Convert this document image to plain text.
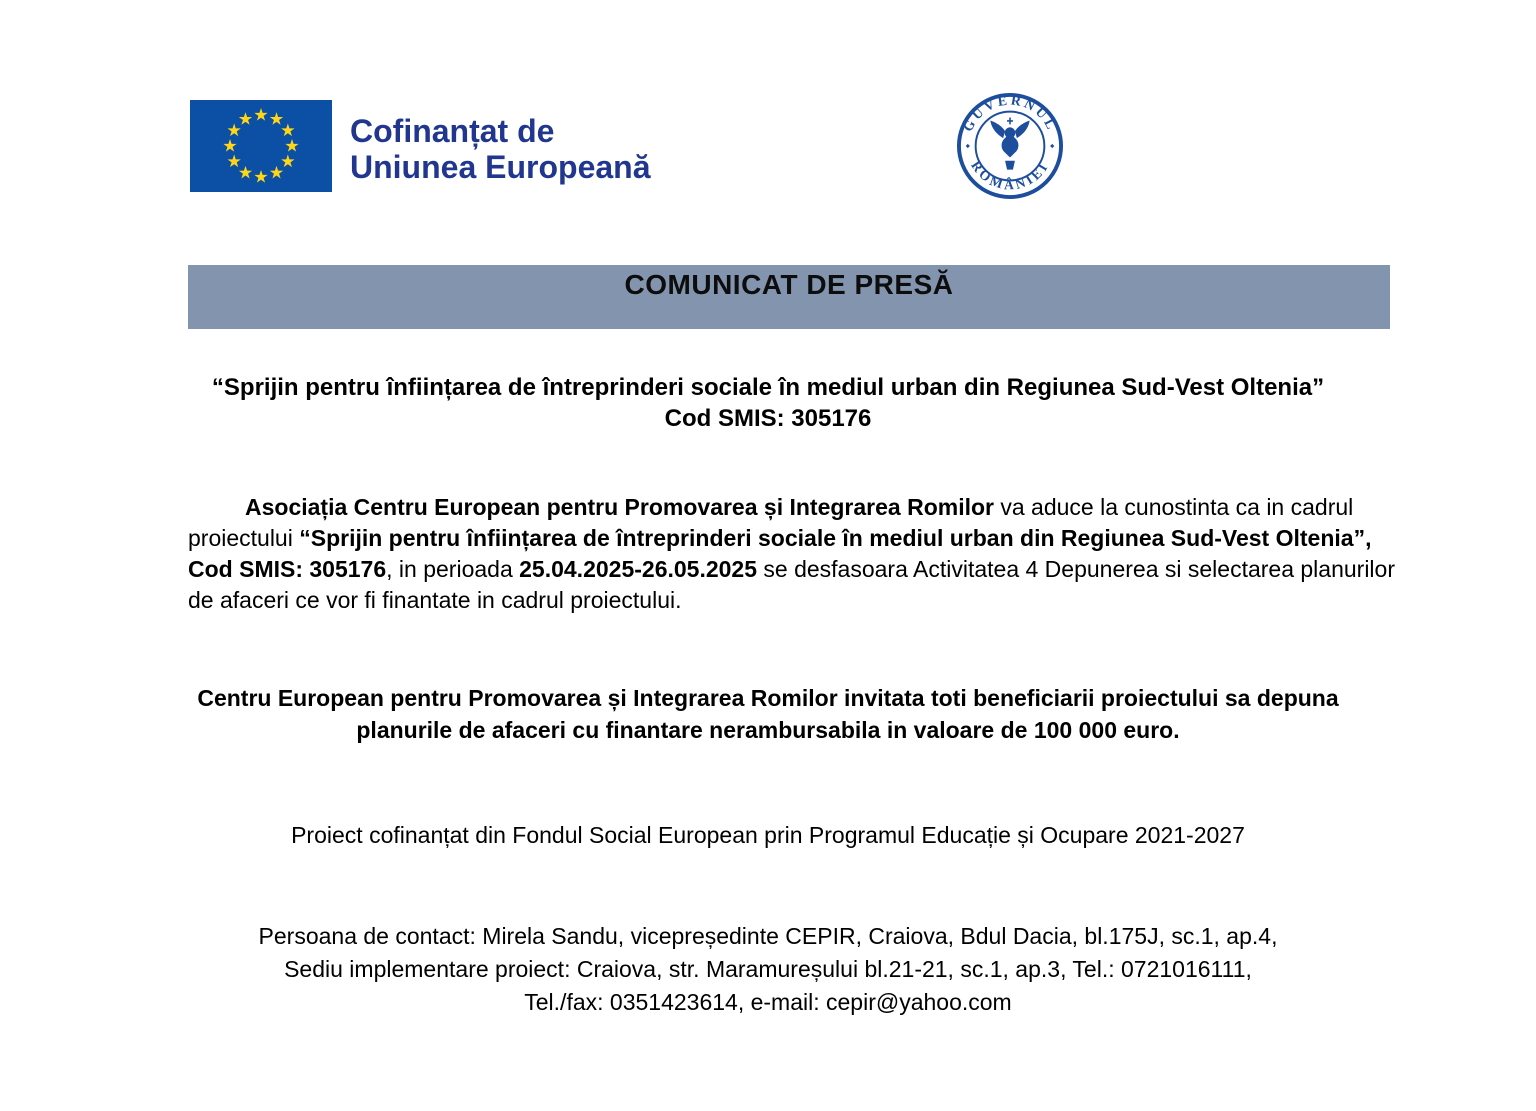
Cofinanțat de
Uniunea Europeană
GUVERNUL
ROMÂNIEI
COMUNICAT DE PRESĂ
“Sprijin pentru înființarea de întreprinderi sociale în mediul urban din Regiunea Sud-Vest Oltenia”
Cod SMIS: 305176
Asociația Centru European pentru Promovarea și Integrarea Romilor va aduce la cunostinta ca in cadrul proiectului “Sprijin pentru înființarea de întreprinderi sociale în mediul urban din Regiunea Sud-Vest Oltenia”, Cod SMIS: 305176, in perioada 25.04.2025-26.05.2025 se desfasoara Activitatea 4 Depunerea si selectarea planurilor de afaceri ce vor fi finantate in cadrul proiectului.
Centru European pentru Promovarea și Integrarea Romilor invitata toti beneficiarii proiectului sa depuna planurile de afaceri cu finantare nerambursabila in valoare de 100 000 euro.
Proiect cofinanțat din Fondul Social European prin Programul Educație și Ocupare 2021-2027
Persoana de contact: Mirela Sandu, vicepreședinte CEPIR, Craiova, Bdul Dacia, bl.175J, sc.1, ap.4,
Sediu implementare proiect: Craiova, str. Maramureșului bl.21-21, sc.1, ap.3, Tel.: 0721016111,
Tel./fax: 0351423614, e-mail: cepir@yahoo.com
